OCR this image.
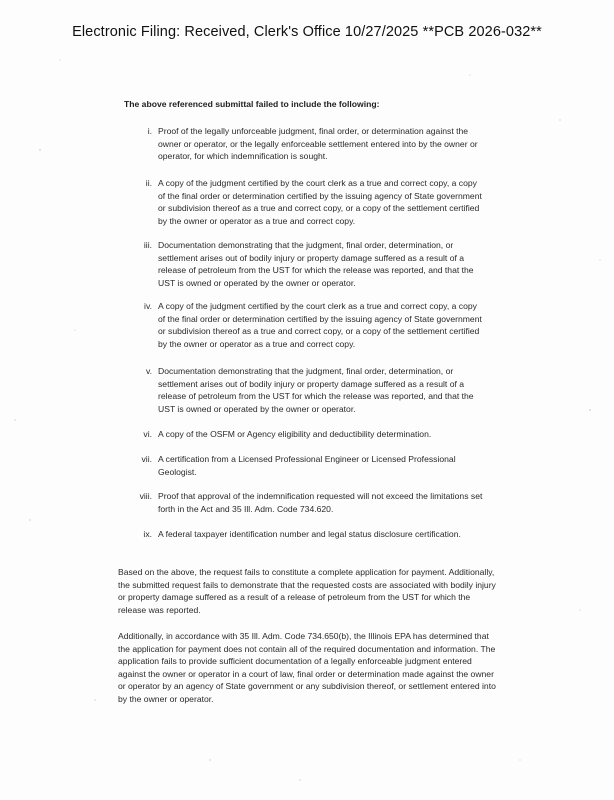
Electronic Filing: Received, Clerk's Office 10/27/2025 **PCB 2026-032**
The above referenced submittal failed to include the following:
i. Proof of the legally unforceable judgment, final order, or determination against the owner or operator, or the legally enforceable settlement entered into by the owner or operator, for which indemnification is sought.
ii. A copy of the judgment certified by the court clerk as a true and correct copy, a copy of the final order or determination certified by the issuing agency of State government or subdivision thereof as a true and correct copy, or a copy of the settlement certified by the owner or operator as a true and correct copy.
iii. Documentation demonstrating that the judgment, final order, determination, or settlement arises out of bodily injury or property damage suffered as a result of a release of petroleum from the UST for which the release was reported, and that the UST is owned or operated by the owner or operator.
iv. A copy of the judgment certified by the court clerk as a true and correct copy, a copy of the final order or determination certified by the issuing agency of State government or subdivision thereof as a true and correct copy, or a copy of the settlement certified by the owner or operator as a true and correct copy.
v. Documentation demonstrating that the judgment, final order, determination, or settlement arises out of bodily injury or property damage suffered as a result of a release of petroleum from the UST for which the release was reported, and that the UST is owned or operated by the owner or operator.
vi. A copy of the OSFM or Agency eligibility and deductibility determination.
vii. A certification from a Licensed Professional Engineer or Licensed Professional Geologist.
viii. Proof that approval of the indemnification requested will not exceed the limitations set forth in the Act and 35 Ill. Adm. Code 734.620.
ix. A federal taxpayer identification number and legal status disclosure certification.
Based on the above, the request fails to constitute a complete application for payment. Additionally, the submitted request fails to demonstrate that the requested costs are associated with bodily injury or property damage suffered as a result of a release of petroleum from the UST for which the release was reported.
Additionally, in accordance with 35 Ill. Adm. Code 734.650(b), the Illinois EPA has determined that the application for payment does not contain all of the required documentation and information. The application fails to provide sufficient documentation of a legally enforceable judgment entered against the owner or operator in a court of law, final order or determination made against the owner or operator by an agency of State government or any subdivision thereof, or settlement entered into by the owner or operator.
